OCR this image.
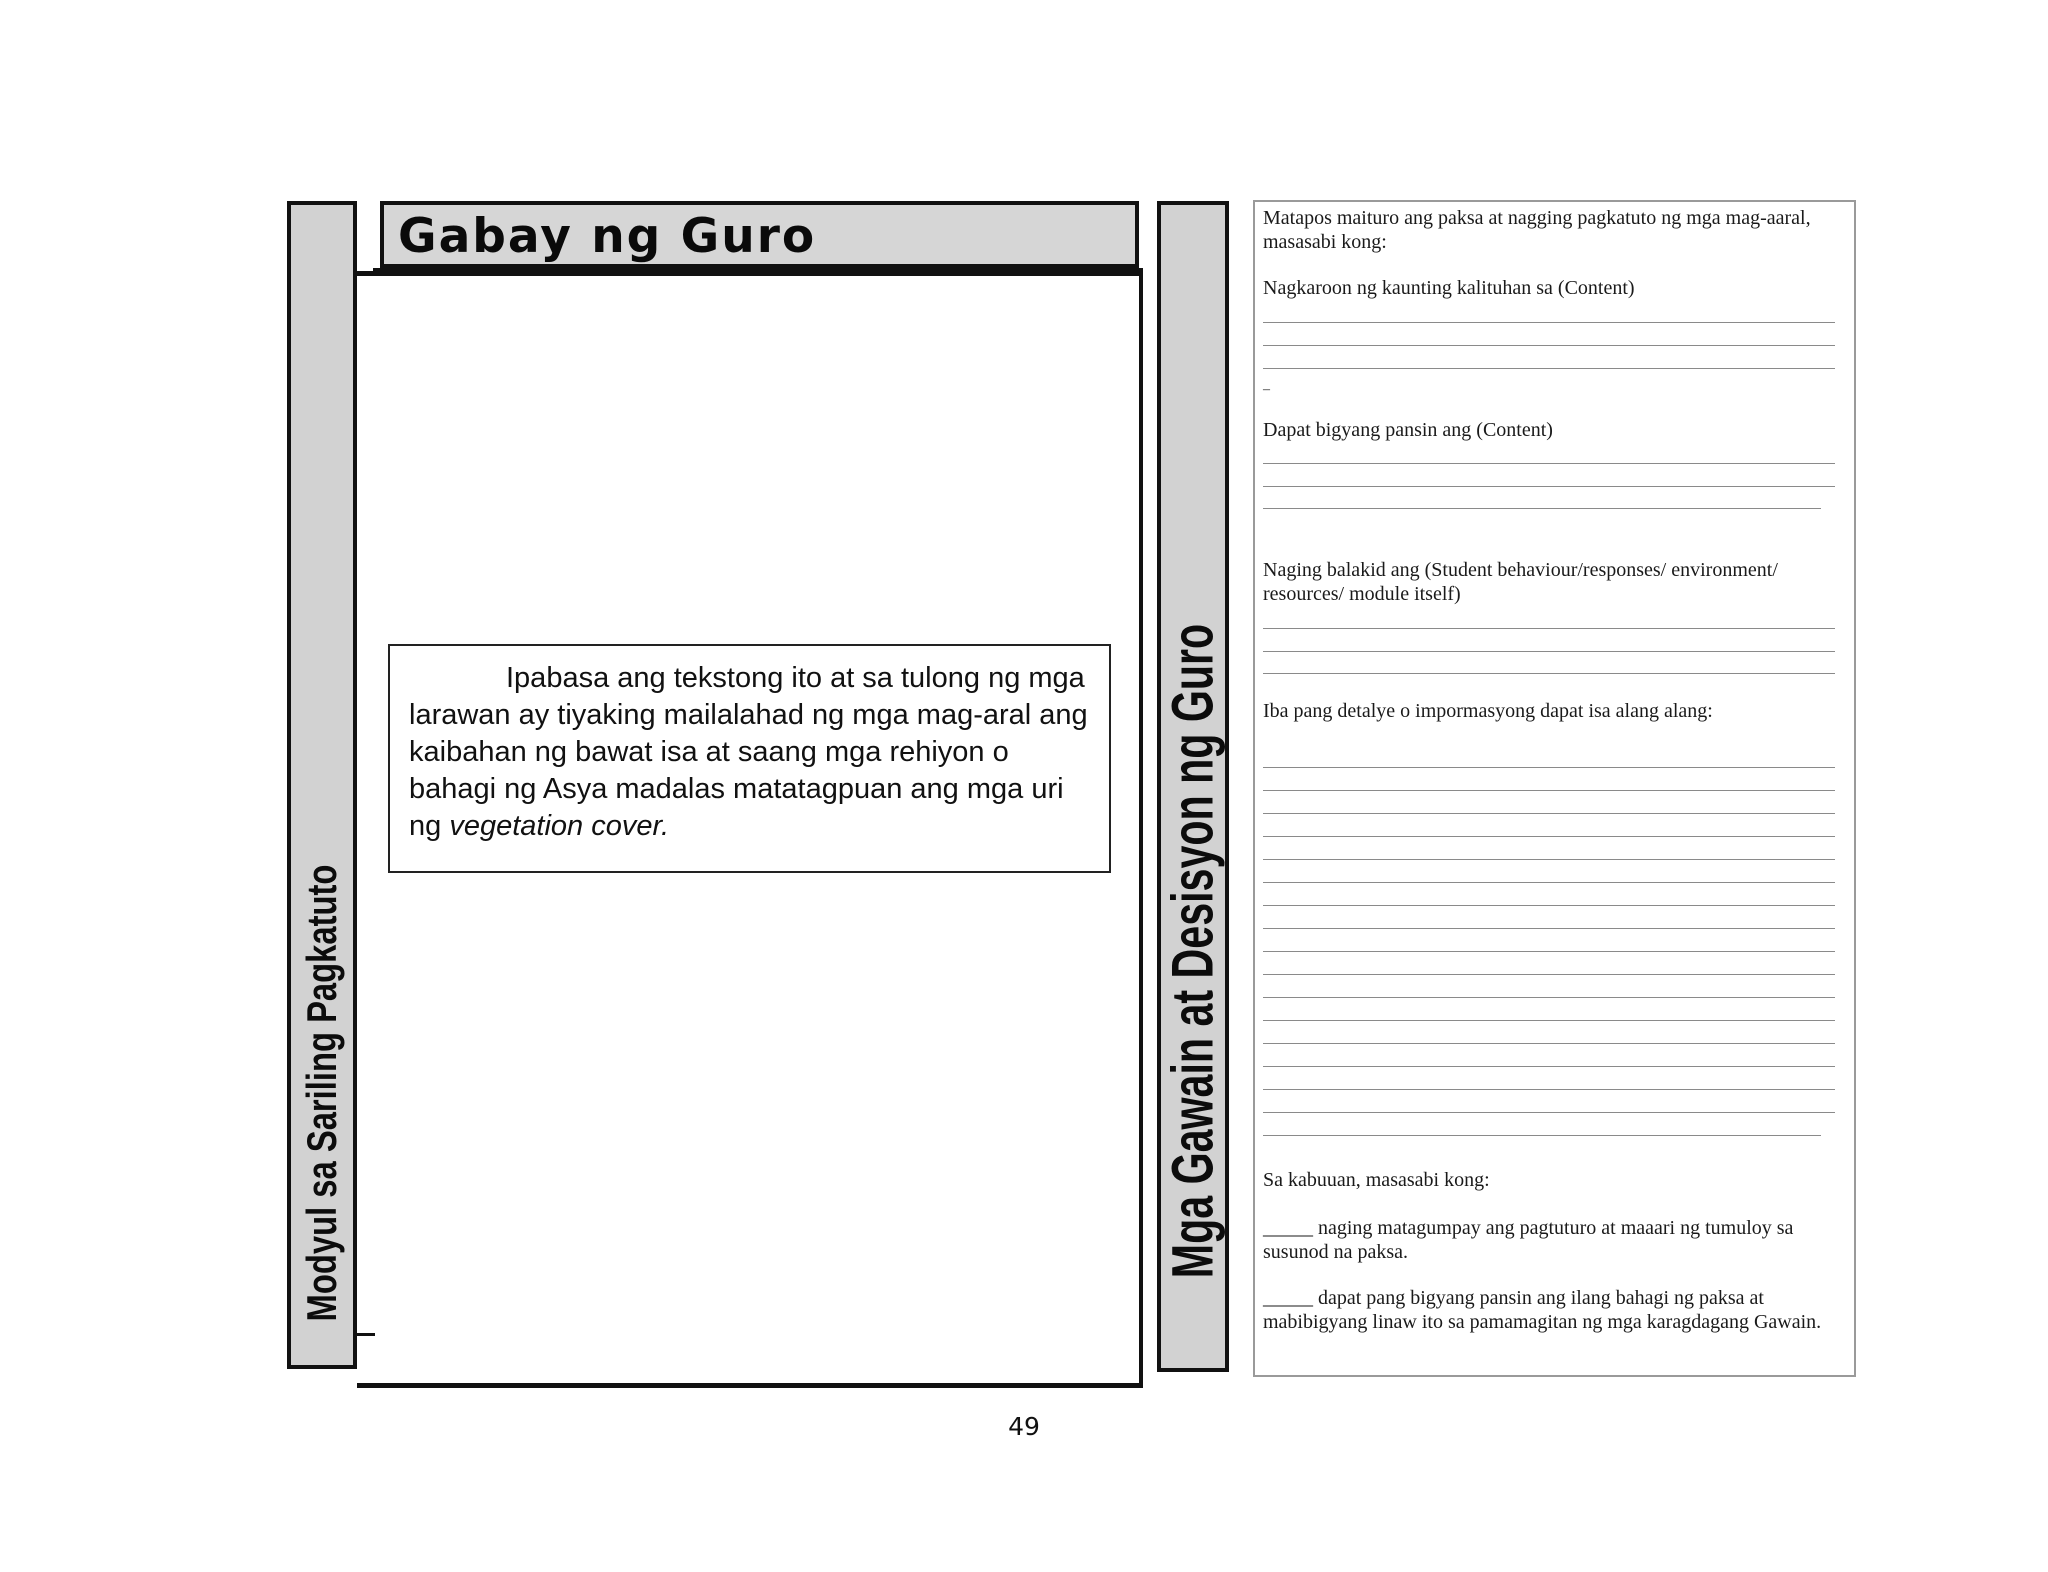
Modyul sa Sariling Pagkatuto
Gabay ng Guro
Ipabasa ang tekstong ito at sa tulong ng mga larawan ay tiyaking mailalahad ng mga mag-aral ang kaibahan ng bawat isa at saang mga rehiyon o bahagi ng Asya madalas matatagpuan ang mga uri ng vegetation cover.	Mga Gawain at Desisyon ng Guro
Matapos maituro ang paksa at nagging pagkatuto ng mga mag-aaral, masasabi kong:
Nagkaroon ng kaunting kalituhan sa (Content)
–
Dapat bigyang pansin ang (Content)
Naging balakid ang (Student behaviour/responses/ environment/ resources/ module itself)
Iba pang detalye o impormasyong dapat isa alang alang:
Sa kabuuan, masasabi kong:
_____ naging matagumpay ang pagtuturo at maaari ng tumuloy sa susunod na paksa.
_____ dapat pang bigyang pansin ang ilang bahagi ng paksa at mabibigyang linaw ito sa pamamagitan ng mga karagdagang Gawain.
49
